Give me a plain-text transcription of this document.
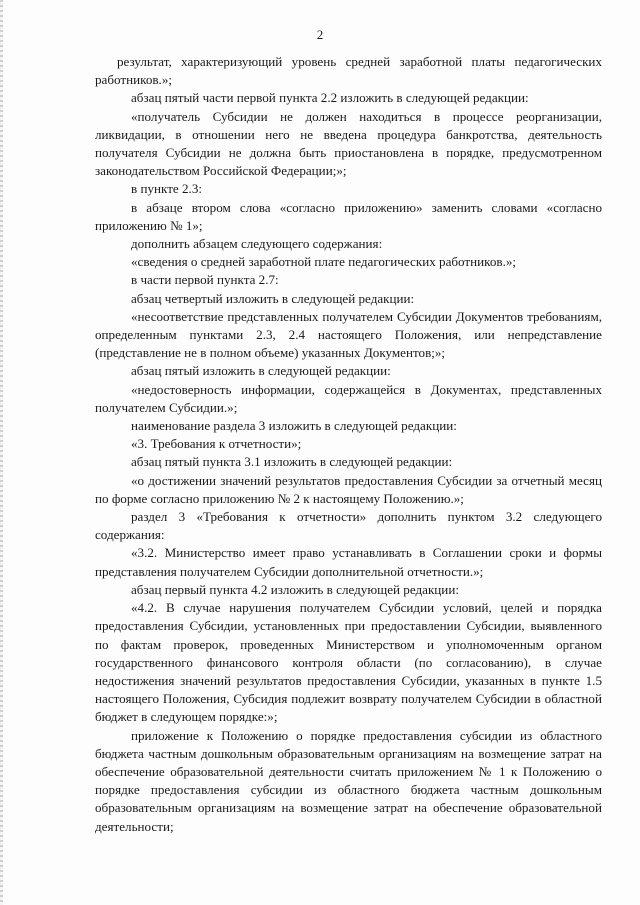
2

результат, характеризующий уровень средней заработной платы педагогических работников.»;

абзац пятый части первой пункта 2.2 изложить в следующей редакции:

«получатель Субсидии не должен находиться в процессе реорганизации, ликвидации, в отношении него не введена процедура банкротства, деятельность получателя Субсидии не должна быть приостановлена в порядке, предусмотренном законодательством Российской Федерации;»;

в пункте 2.3:

в абзаце втором слова «согласно приложению» заменить словами «согласно приложению № 1»;

дополнить абзацем следующего содержания:

«сведения о средней заработной плате педагогических работников.»;

в части первой пункта 2.7:

абзац четвертый изложить в следующей редакции:

«несоответствие представленных получателем Субсидии Документов требованиям, определенным пунктами 2.3, 2.4 настоящего Положения, или непредставление (представление не в полном объеме) указанных Документов;»;

абзац пятый изложить в следующей редакции:

«недостоверность информации, содержащейся в Документах, представленных получателем Субсидии.»;

наименование раздела 3 изложить в следующей редакции:

«3. Требования к отчетности»;

абзац пятый пункта 3.1 изложить в следующей редакции:

«о достижении значений результатов предоставления Субсидии за отчетный месяц по форме согласно приложению № 2 к настоящему Положению.»;

раздел 3 «Требования к отчетности» дополнить пунктом 3.2 следующего содержания:

«3.2. Министерство имеет право устанавливать в Соглашении сроки и формы представления получателем Субсидии дополнительной отчетности.»;

абзац первый пункта 4.2 изложить в следующей редакции:

«4.2. В случае нарушения получателем Субсидии условий, целей и порядка предоставления Субсидии, установленных при предоставлении Субсидии, выявленного по фактам проверок, проведенных Министерством и уполномоченным органом государственного финансового контроля области (по согласованию), в случае недостижения значений результатов предоставления Субсидии, указанных в пункте 1.5 настоящего Положения, Субсидия подлежит возврату получателем Субсидии в областной бюджет в следующем порядке:»;

приложение к Положению о порядке предоставления субсидии из областного бюджета частным дошкольным образовательным организациям на возмещение затрат на обеспечение образовательной деятельности считать приложением № 1 к Положению о порядке предоставления субсидии из областного бюджета частным дошкольным образовательным организациям на возмещение затрат на обеспечение образовательной деятельности;
